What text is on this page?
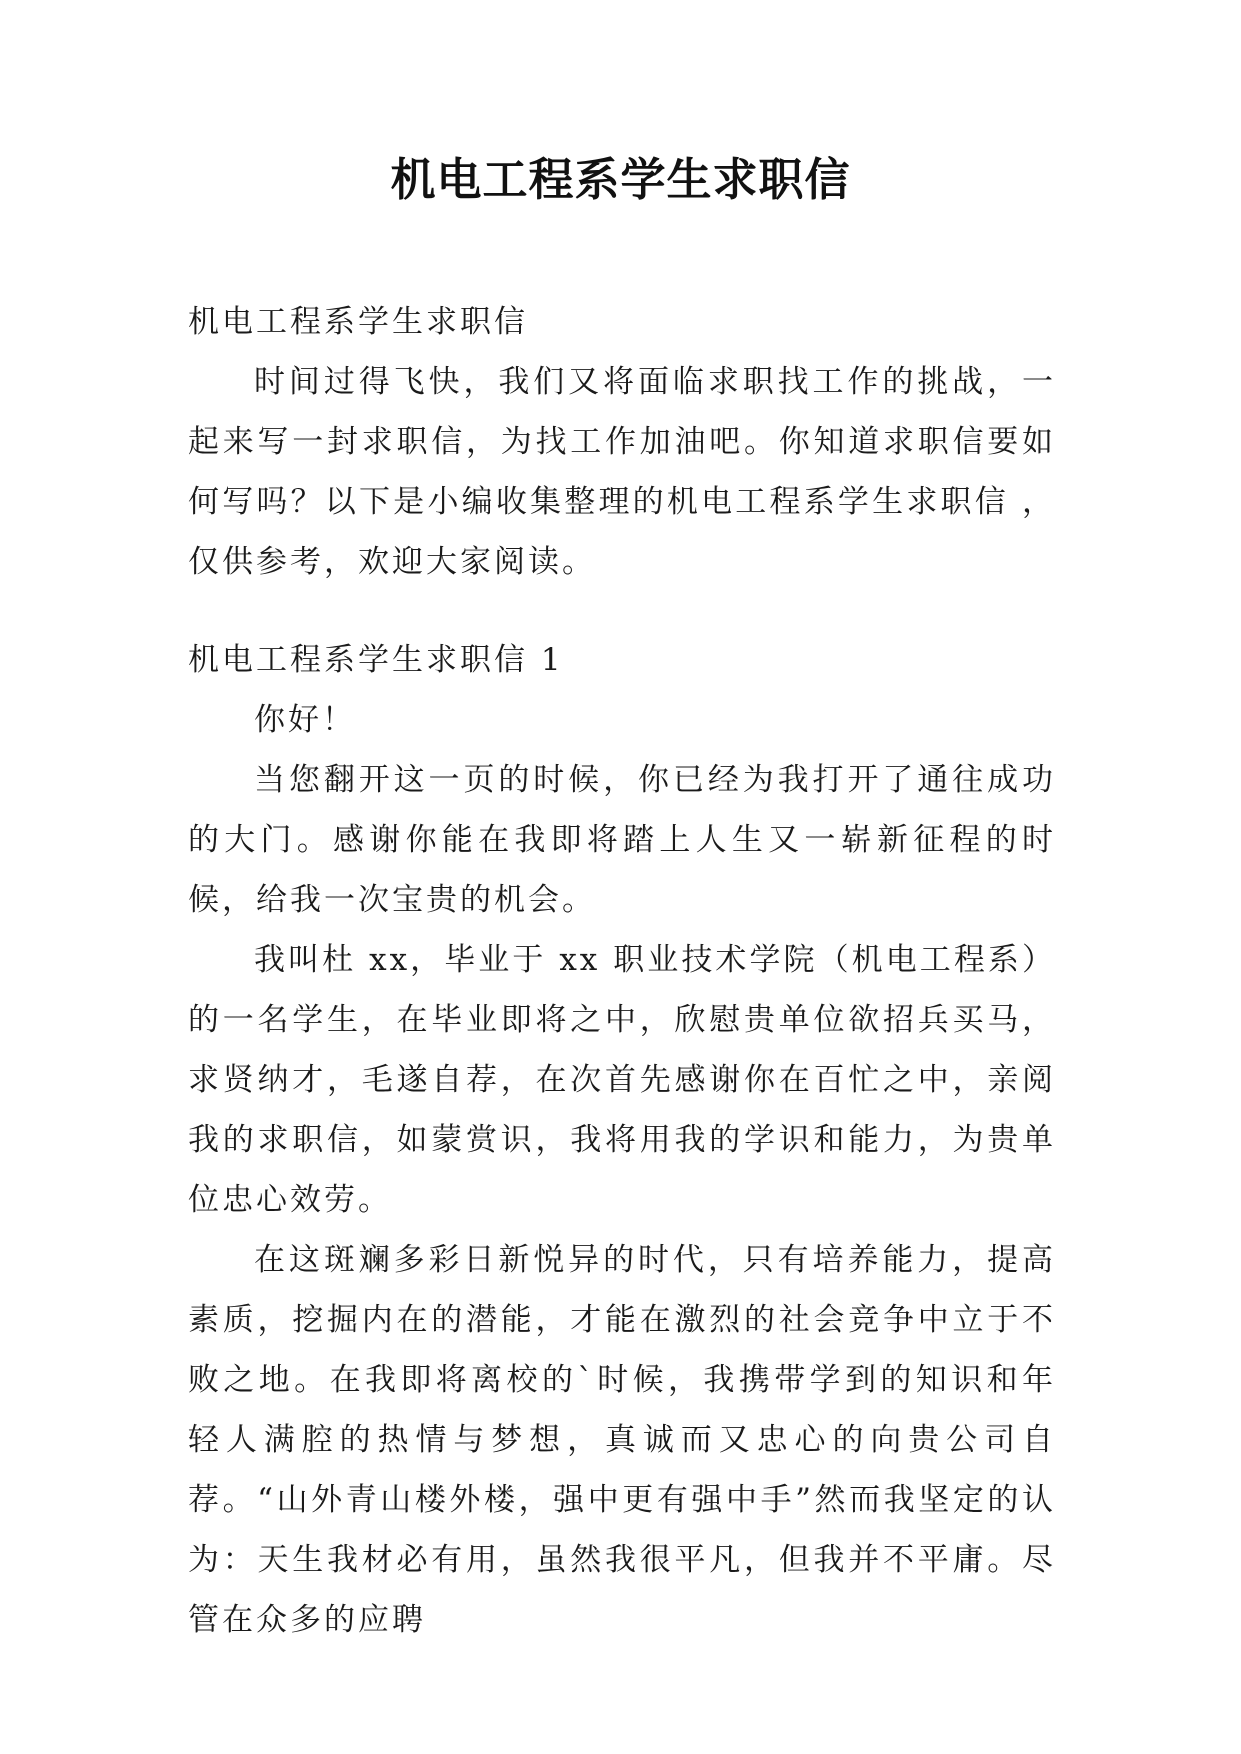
机电工程系学生求职信

机电工程系学生求职信

时间过得飞快，我们又将面临求职找工作的挑战，一起来写一封求职信，为找工作加油吧。你知道求职信要如何写吗？以下是小编收集整理的机电工程系学生求职信 ，仅供参考，欢迎大家阅读。

机电工程系学生求职信 1

你好！

当您翻开这一页的时候，你已经为我打开了通往成功的大门。感谢你能在我即将踏上人生又一崭新征程的时候，给我一次宝贵的机会。

我叫杜 xx，毕业于 xx 职业技术学院（机电工程系）的一名学生，在毕业即将之中，欣慰贵单位欲招兵买马，求贤纳才，毛遂自荐，在次首先感谢你在百忙之中，亲阅我的求职信，如蒙赏识，我将用我的学识和能力，为贵单位忠心效劳。

在这斑斓多彩日新悦异的时代，只有培养能力，提高素质，挖掘内在的潜能，才能在激烈的社会竞争中立于不败之地。在我即将离校的`时候，我携带学到的知识和年轻人满腔的热情与梦想，真诚而又忠心的向贵公司自荐。“山外青山楼外楼，强中更有强中手”然而我坚定的认为：天生我材必有用，虽然我很平凡，但我并不平庸。尽管在众多的应聘
